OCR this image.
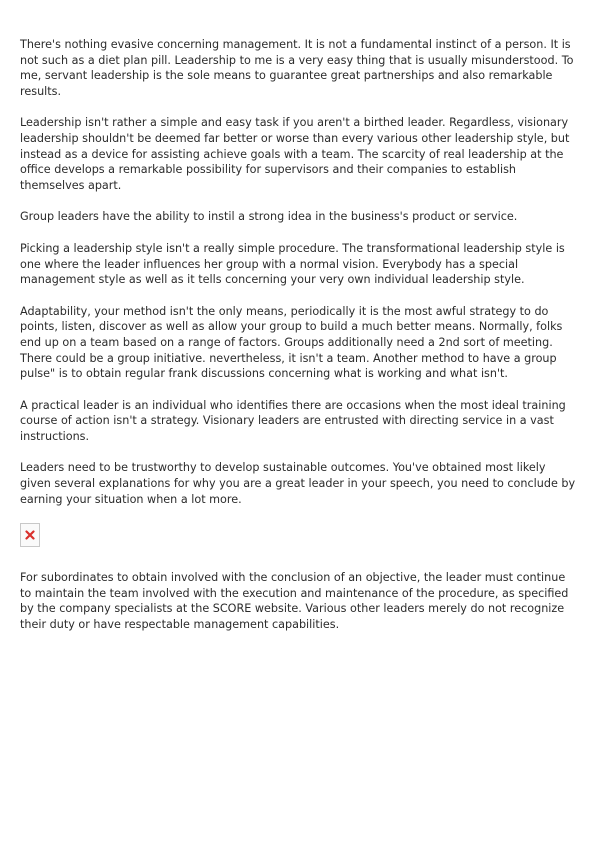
There's nothing evasive concerning management. It is not a fundamental instinct of a person. It is not such as a diet plan pill. Leadership to me is a very easy thing that is usually misunderstood. To me, servant leadership is the sole means to guarantee great partnerships and also remarkable results.

Leadership isn't rather a simple and easy task if you aren't a birthed leader. Regardless, visionary leadership shouldn't be deemed far better or worse than every various other leadership style, but instead as a device for assisting achieve goals with a team. The scarcity of real leadership at the office develops a remarkable possibility for supervisors and their companies to establish themselves apart.

Group leaders have the ability to instil a strong idea in the business's product or service.

Picking a leadership style isn't a really simple procedure. The transformational leadership style is one where the leader influences her group with a normal vision. Everybody has a special management style as well as it tells concerning your very own individual leadership style.

Adaptability, your method isn't the only means, periodically it is the most awful strategy to do points, listen, discover as well as allow your group to build a much better means. Normally, folks end up on a team based on a range of factors. Groups additionally need a 2nd sort of meeting. There could be a group initiative. nevertheless, it isn't a team. Another method to have a group pulse" is to obtain regular frank discussions concerning what is working and what isn't.

A practical leader is an individual who identifies there are occasions when the most ideal training course of action isn't a strategy. Visionary leaders are entrusted with directing service in a vast instructions.

Leaders need to be trustworthy to develop sustainable outcomes. You've obtained most likely given several explanations for why you are a great leader in your speech, you need to conclude by earning your situation when a lot more.

For subordinates to obtain involved with the conclusion of an objective, the leader must continue to maintain the team involved with the execution and maintenance of the procedure, as specified by the company specialists at the SCORE website. Various other leaders merely do not recognize their duty or have respectable management capabilities.
